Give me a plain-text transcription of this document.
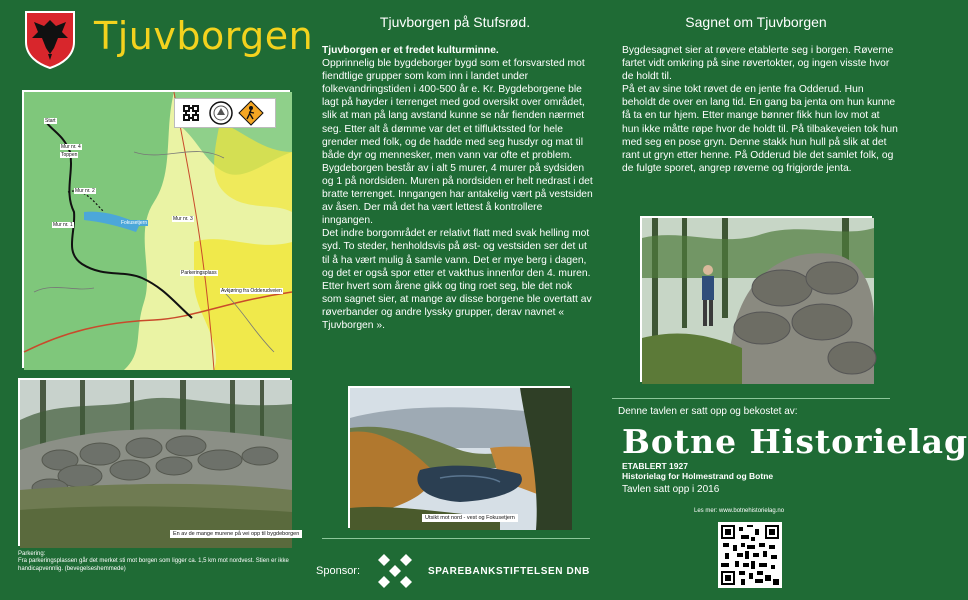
Tjuvborgen
Start
Mur nr. 4
Toppen
Mur nr. 2
Mur nr. 1	Fokusetjern
Mur nr. 3
Parkeringsplass
Avkjøring fra Odderudveien
En av de mange murene på vei opp til bygdeborgen
Parkering:
Fra parkeringsplassen går det merket sti mot borgen som ligger ca. 1,5 km mot nordvest. Stien er ikke handicapvennlig. (bevegelseshemmede)
Tjuvborgen på Stufsrød.

Tjuvborgen er et fredet kulturminne.

Opprinnelig ble bygdeborger bygd som et forsvarsted mot fiendtlige grupper som kom inn i landet under folkevandringstiden i 400-500 år e. Kr. Bygdeborgene ble lagt på høyder i terrenget med god oversikt over området, slik at man på lang avstand kunne se når fienden nærmet seg. Etter alt å dømme var det et tilfluktssted for hele grender med folk, og de hadde med seg husdyr og mat til både dyr og mennesker, men vann var ofte et problem. Bygdeborgen består av i alt 5 murer, 4 murer på sydsiden og 1 på nordsiden. Muren på nordsiden er helt nedrast i det bratte terrenget. Inngangen har antakelig vært på vestsiden av åsen. Der må det ha vært lettest å kontrollere inngangen.

Det indre borgområdet er relativt flatt med svak helling mot syd. To steder, henholdsvis på øst- og vestsiden ser det ut til å ha vært mulig å samle vann. Det er mye berg i dagen, og det er også spor etter et vakthus innenfor den 4. muren.

Etter hvert som årene gikk og ting roet seg, ble det nok som sagnet sier, at mange av disse borgene ble overtatt av røverbander og andre lyssky grupper, derav navnet « Tjuvborgen ».

Utsikt mot nord - vest og Fokusetjern
Sponsor:	SPAREBANKSTIFTELSEN DNB
Sagnet om Tjuvborgen

Bygdesagnet sier at røvere etablerte seg i borgen. Røverne fartet vidt omkring på sine røvertokter, og ingen visste hvor de holdt til.

På et av sine tokt røvet de en jente fra Odderud. Hun beholdt de over en lang tid. En gang ba jenta om hun kunne få ta en tur hjem. Etter mange bønner fikk hun lov mot at hun ikke måtte røpe hvor de holdt til. På tilbakeveien tok hun med seg en pose gryn. Denne stakk hun hull på slik at det rant ut gryn etter henne. På Odderud ble det samlet folk, og de fulgte sporet, angrep røverne og frigjorde jenta.

Denne tavlen er satt opp og bekostet av:
Botne Historielag
ETABLERT 1927
Historielag for Holmestrand og Botne
Tavlen satt opp i 2016
Les mer: www.botnehistorielag.no
